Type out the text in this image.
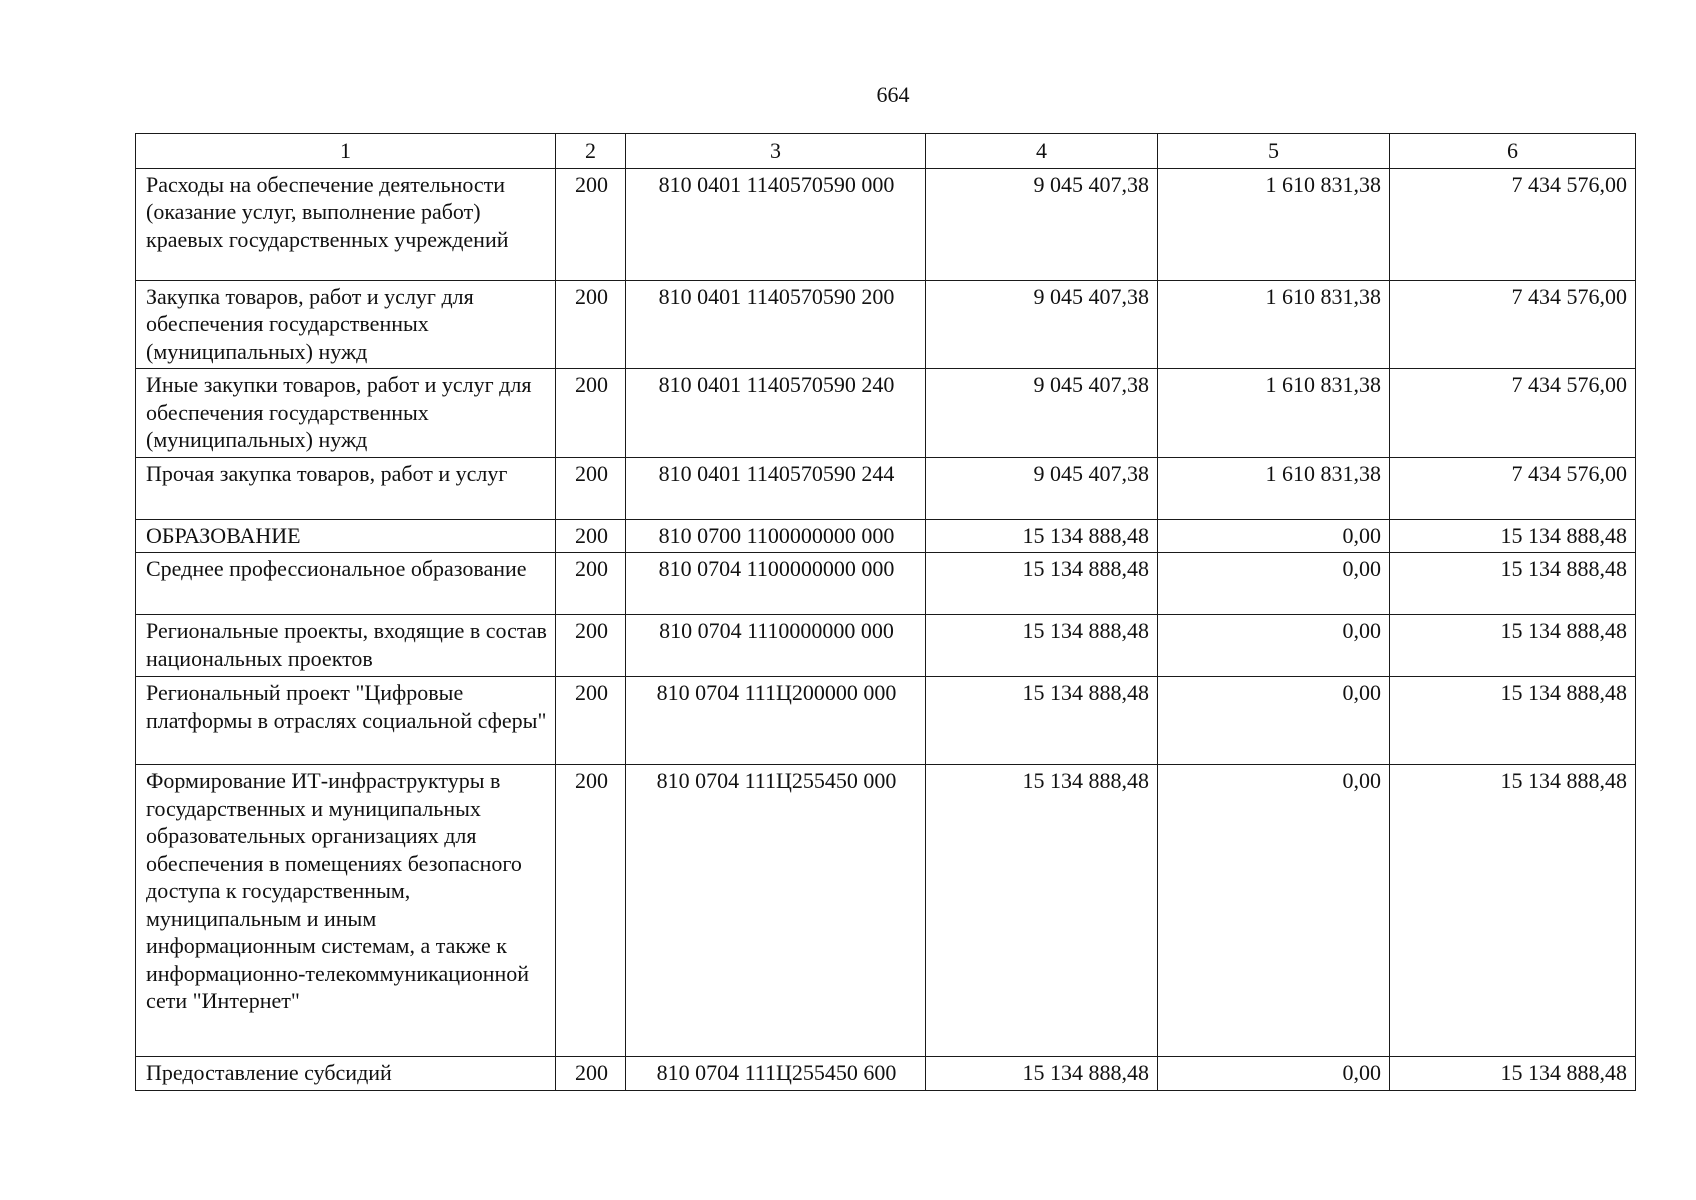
664
1	2	3	4	5	6
Расходы на обеспечение деятельности (оказание услуг, выполнение работ) краевых государственных учреждений	200	810 0401 1140570590 000	9 045 407,38	1 610 831,38	7 434 576,00
Закупка товаров, работ и услуг для обеспечения государственных (муниципальных) нужд	200	810 0401 1140570590 200	9 045 407,38	1 610 831,38	7 434 576,00
Иные закупки товаров, работ и услуг для обеспечения государственных (муниципальных) нужд	200	810 0401 1140570590 240	9 045 407,38	1 610 831,38	7 434 576,00
Прочая закупка товаров, работ и услуг	200	810 0401 1140570590 244	9 045 407,38	1 610 831,38	7 434 576,00
ОБРАЗОВАНИЕ	200	810 0700 1100000000 000	15 134 888,48	0,00	15 134 888,48
Среднее профессиональное образование	200	810 0704 1100000000 000	15 134 888,48	0,00	15 134 888,48
Региональные проекты, входящие в состав национальных проектов	200	810 0704 1110000000 000	15 134 888,48	0,00	15 134 888,48
Региональный проект "Цифровые платформы в отраслях социальной сферы"	200	810 0704 111Ц200000 000	15 134 888,48	0,00	15 134 888,48
Формирование ИТ-инфраструктуры в государственных и муниципальных образовательных организациях для обеспечения в помещениях безопасного доступа к государственным, муниципальным и иным информационным системам, а также к информационно-телекоммуникационной сети "Интернет"	200	810 0704 111Ц255450 000	15 134 888,48	0,00	15 134 888,48
Предоставление субсидий	200	810 0704 111Ц255450 600	15 134 888,48	0,00	15 134 888,48
